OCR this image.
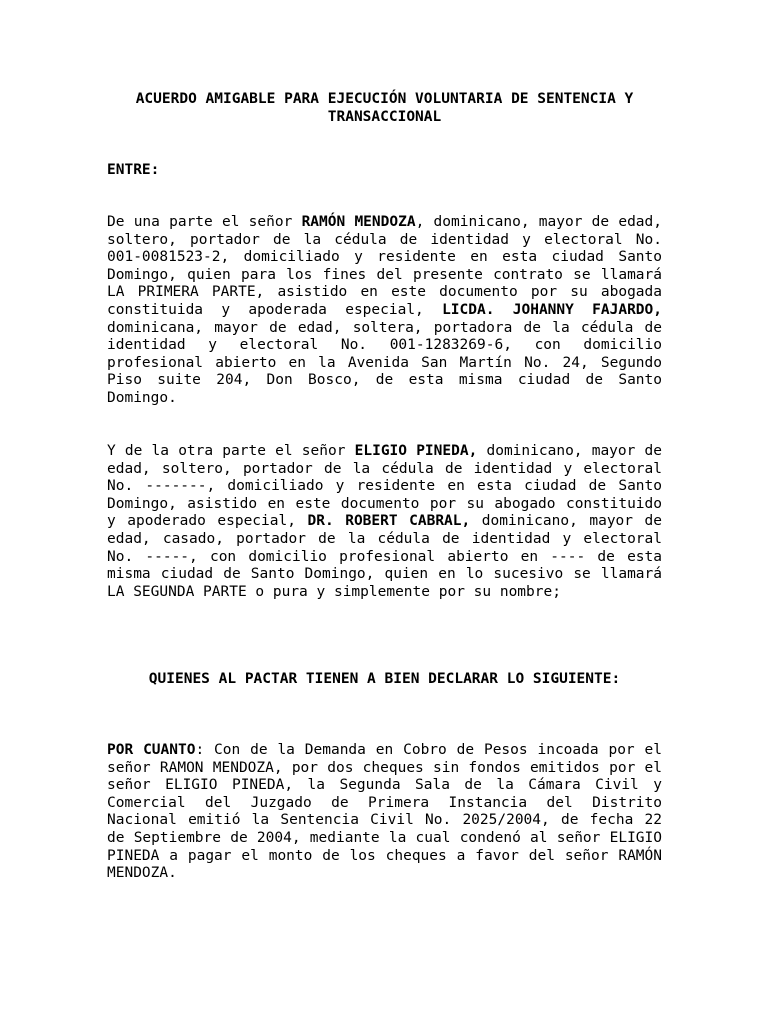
ACUERDO AMIGABLE PARA EJECUCIÓN VOLUNTARIA DE SENTENCIA Y
TRANSACCIONAL
ENTRE:
De una parte el señor RAMÓN MENDOZA, dominicano, mayor de edad, soltero, portador de la cédula de identidad y electoral No. 001-0081523-2, domiciliado y residente en esta ciudad Santo Domingo, quien para los fines del presente contrato se llamará LA PRIMERA PARTE, asistido en este documento por su abogada constituida y apoderada especial, LICDA. JOHANNY FAJARDO, dominicana, mayor de edad, soltera, portadora de la cédula de identidad y electoral No. 001-1283269-6, con domicilio profesional abierto en la Avenida San Martín No. 24, Segundo Piso suite 204, Don Bosco, de esta misma ciudad de Santo Domingo.
Y de la otra parte el señor ELIGIO PINEDA, dominicano, mayor de edad, soltero, portador de la cédula de identidad y electoral No. -------, domiciliado y residente en esta ciudad de Santo Domingo, asistido en este documento por su abogado constituido y apoderado especial, DR. ROBERT CABRAL, dominicano, mayor de edad, casado, portador de la cédula de identidad y electoral No. -----, con domicilio profesional abierto en ---- de esta misma ciudad de Santo Domingo, quien en lo sucesivo se llamará LA SEGUNDA PARTE o pura y simplemente por su nombre;
QUIENES AL PACTAR TIENEN A BIEN DECLARAR LO SIGUIENTE:
POR CUANTO: Con de la Demanda en Cobro de Pesos incoada por el señor RAMON MENDOZA, por dos cheques sin fondos emitidos por el señor ELIGIO PINEDA, la Segunda Sala de la Cámara Civil y Comercial del Juzgado de Primera Instancia del Distrito Nacional emitió la Sentencia Civil No. 2025/2004, de fecha 22 de Septiembre de 2004, mediante la cual condenó al señor ELIGIO PINEDA a pagar el monto de los cheques a favor del señor RAMÓN MENDOZA.
